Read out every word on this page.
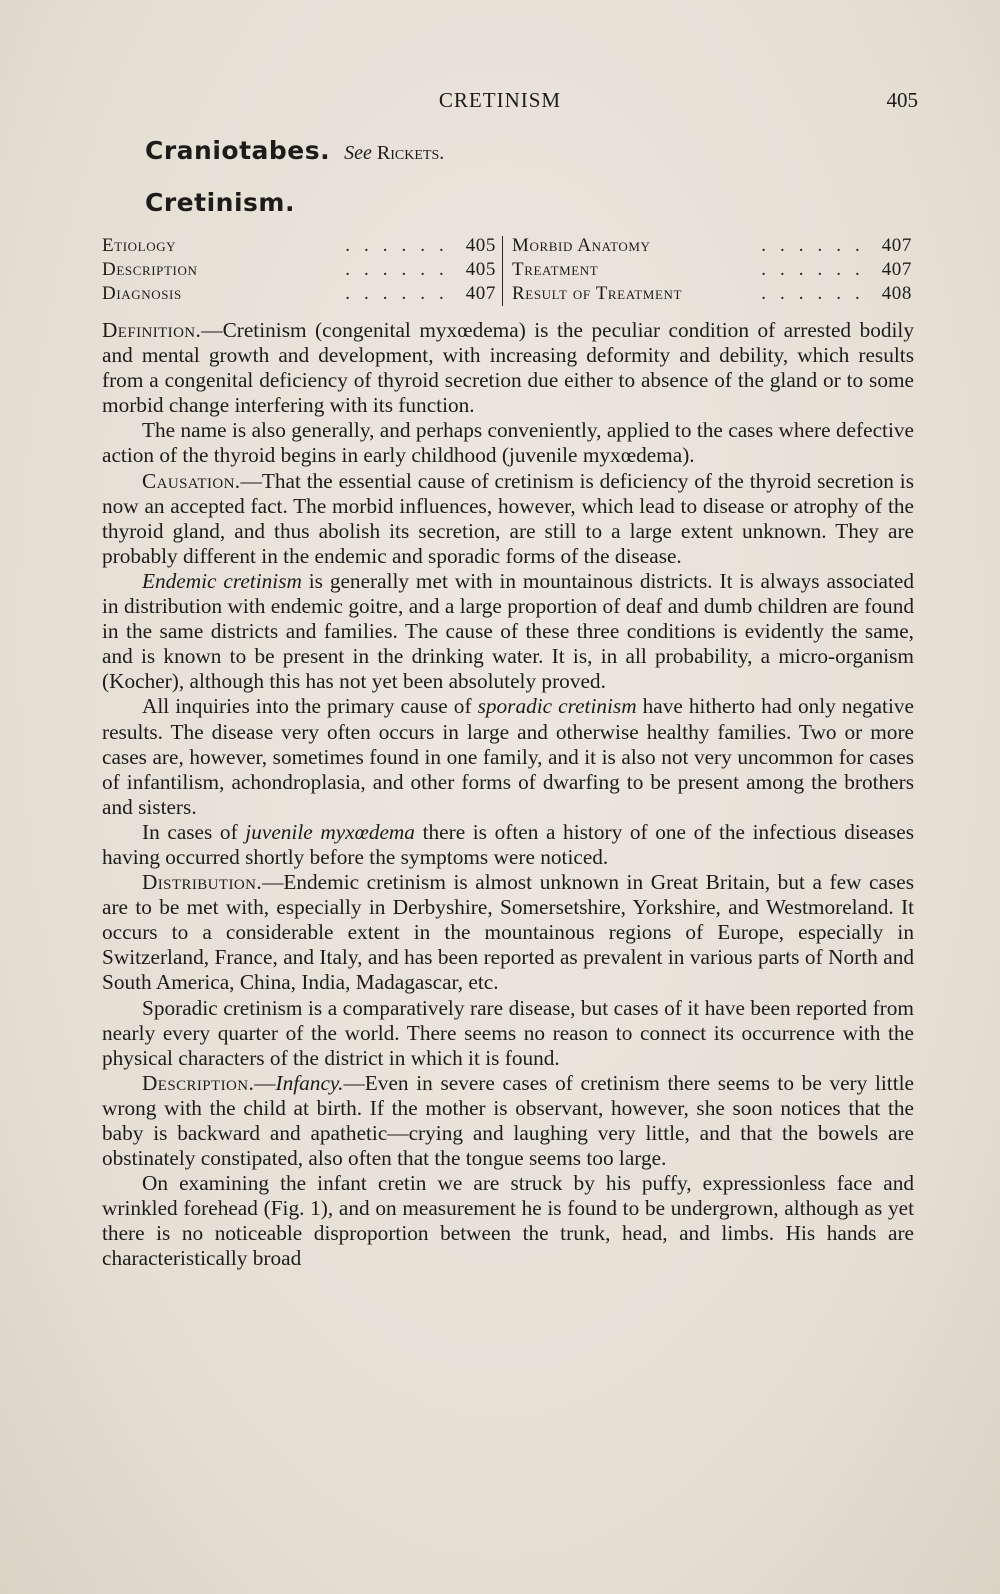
CRETINISM	405
Craniotabes. See Rickets.
Cretinism.
Etiology	...... 405
Description	...... 405
Diagnosis	...... 407
Morbid Anatomy	...... 407
Treatment	...... 407
Result of Treatment	...... 408

Definition.—Cretinism (congenital myxœdema) is the peculiar condition of arrested bodily and mental growth and development, with increasing deformity and debility, which results from a congenital deficiency of thyroid secretion due either to absence of the gland or to some morbid change interfering with its function.

The name is also generally, and perhaps conveniently, applied to the cases where defective action of the thyroid begins in early childhood (juvenile myxœdema).

Causation.—That the essential cause of cretinism is deficiency of the thyroid secretion is now an accepted fact. The morbid influences, however, which lead to disease or atrophy of the thyroid gland, and thus abolish its secretion, are still to a large extent unknown. They are probably different in the endemic and sporadic forms of the disease.

Endemic cretinism is generally met with in mountainous districts. It is always associated in distribution with endemic goitre, and a large proportion of deaf and dumb children are found in the same districts and families. The cause of these three conditions is evidently the same, and is known to be present in the drinking water. It is, in all probability, a micro-organism (Kocher), although this has not yet been absolutely proved.

All inquiries into the primary cause of sporadic cretinism have hitherto had only negative results. The disease very often occurs in large and otherwise healthy families. Two or more cases are, however, sometimes found in one family, and it is also not very uncommon for cases of infantilism, achondroplasia, and other forms of dwarfing to be present among the brothers and sisters.

In cases of juvenile myxœdema there is often a history of one of the infectious diseases having occurred shortly before the symptoms were noticed.

Distribution.—Endemic cretinism is almost unknown in Great Britain, but a few cases are to be met with, especially in Derbyshire, Somersetshire, Yorkshire, and Westmoreland. It occurs to a considerable extent in the mountainous regions of Europe, especially in Switzerland, France, and Italy, and has been reported as prevalent in various parts of North and South America, China, India, Madagascar, etc.

Sporadic cretinism is a comparatively rare disease, but cases of it have been reported from nearly every quarter of the world. There seems no reason to connect its occurrence with the physical characters of the district in which it is found.

Description.—Infancy.—Even in severe cases of cretinism there seems to be very little wrong with the child at birth. If the mother is observant, however, she soon notices that the baby is backward and apathetic—crying and laughing very little, and that the bowels are obstinately constipated, also often that the tongue seems too large.

On examining the infant cretin we are struck by his puffy, expressionless face and wrinkled forehead (Fig. 1), and on measurement he is found to be undergrown, although as yet there is no noticeable disproportion between the trunk, head, and limbs. His hands are characteristically broad
